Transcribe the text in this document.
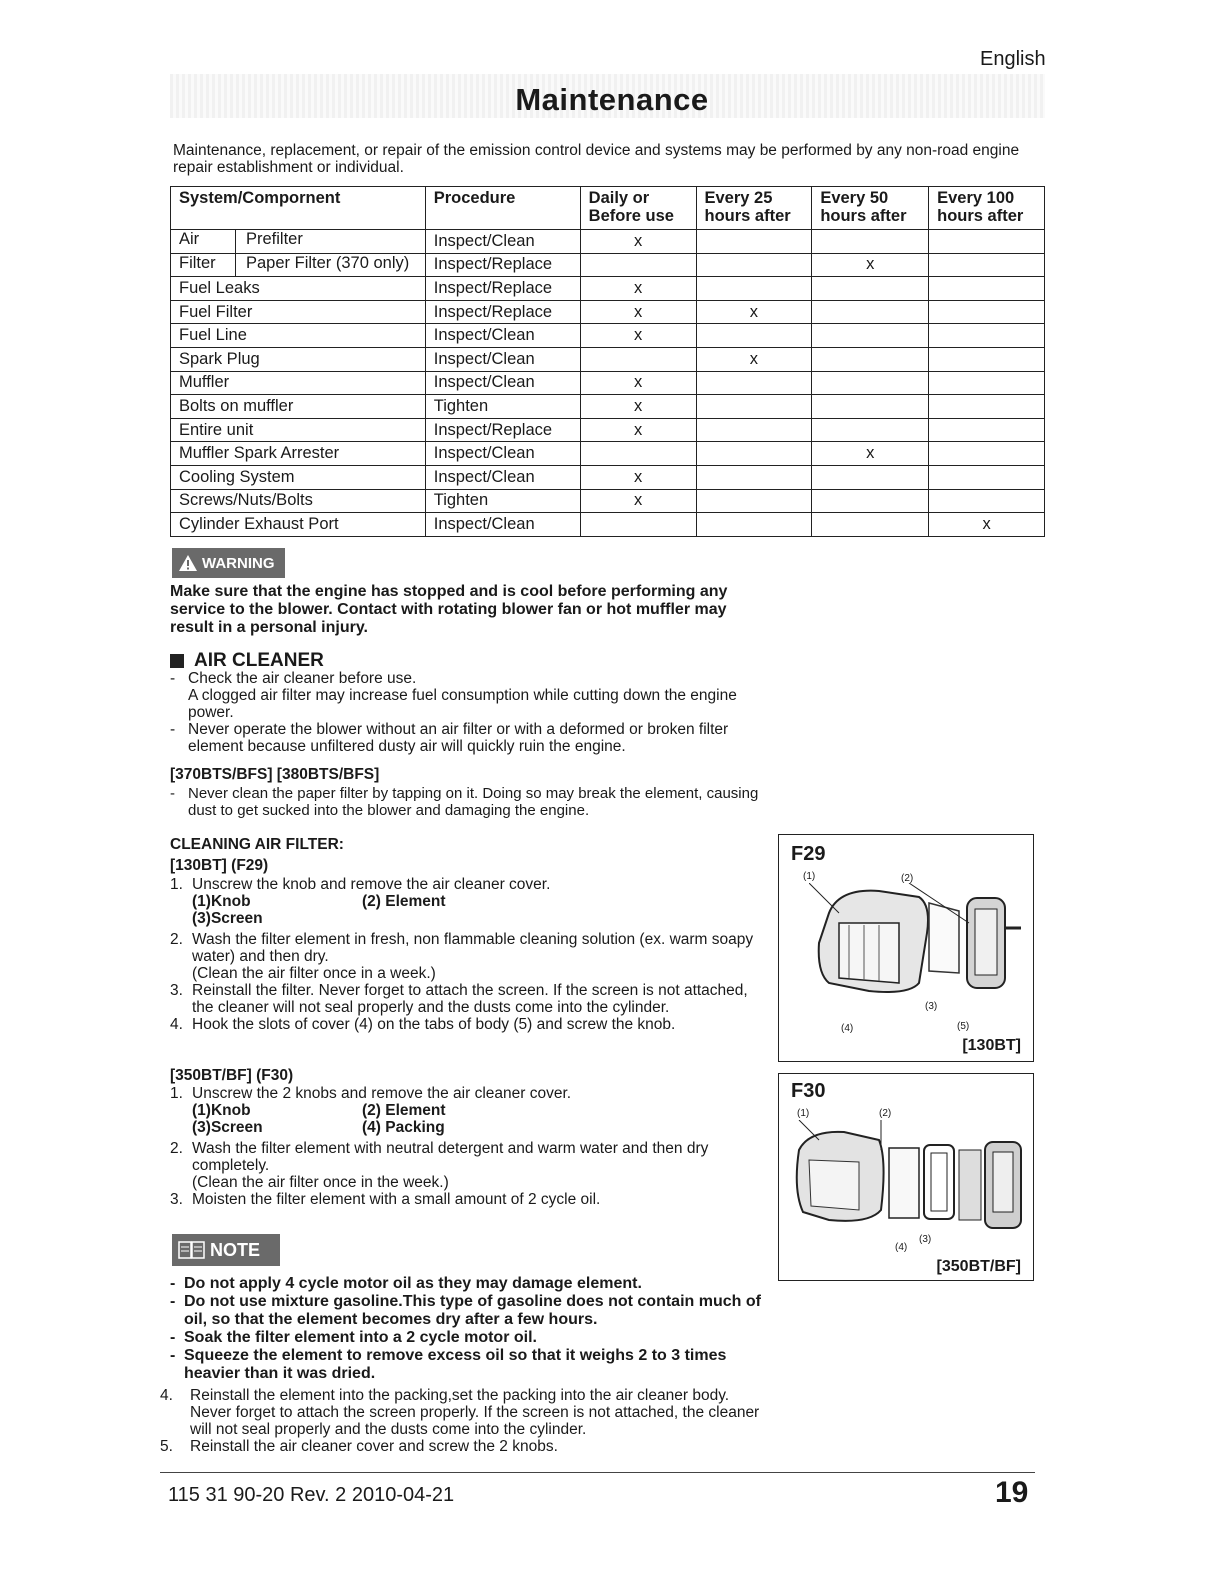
English
Maintenance
Maintenance, replacement, or repair of the emission control device and systems may be performed by any non-road engine repair establishment or individual.
System/Compornent	Procedure	Daily or Before use	Every 25 hours after	Every 50 hours after	Every 100 hours after

Air Prefilter	Inspect/Clean	x			

Filter Paper Filter (370 only)	Inspect/Replace			x	
Fuel Leaks	Inspect/Replace	x			
Fuel Filter	Inspect/Replace	x	x		
Fuel Line	Inspect/Clean	x			
Spark Plug	Inspect/Clean		x		
Muffler	Inspect/Clean	x			
Bolts on muffler	Tighten	x			
Entire unit	Inspect/Replace	x			
Muffler Spark Arrester	Inspect/Clean			x	
Cooling System	Inspect/Clean	x			
Screws/Nuts/Bolts	Tighten	x			
Cylinder Exhaust Port	Inspect/Clean				x
WARNING
Make sure that the engine has stopped and is cool before performing any service to the blower. Contact with rotating blower fan or hot muffler may result in a personal injury.
AIR CLEANER
- Check the air cleaner before use.
A clogged air filter may increase fuel consumption while cutting down the engine power.
- Never operate the blower without an air filter or with a deformed or broken filter element because unfiltered dusty air will quickly ruin the engine.
[370BTS/BFS] [380BTS/BFS]
- Never clean the paper filter by tapping on it. Doing so may break the element, causing dust to get sucked into the blower and damaging the engine.
CLEANING AIR FILTER:
[130BT] (F29)
1. Unscrew the knob and remove the air cleaner cover.
(1)Knob	(2) Element
(3)Screen
2. Wash the filter element in fresh, non flammable cleaning solution (ex. warm soapy water) and then dry.
(Clean the air filter once in a week.)
3. Reinstall the filter. Never forget to attach the screen. If the screen is not attached, the cleaner will not seal properly and the dusts come into the cylinder.
4. Hook the slots of cover (4) on the tabs of body (5) and screw the knob.
[350BT/BF] (F30)
1. Unscrew the 2 knobs and remove the air cleaner cover.
(1)Knob	(2) Element
(3)Screen	(4) Packing
2. Wash the filter element with neutral detergent and warm water and then dry completely.
(Clean the air filter once in the week.)
3. Moisten the filter element with a small amount of 2 cycle oil.
NOTE
- Do not apply 4 cycle motor oil as they may damage element.
- Do not use mixture gasoline.This type of gasoline does not contain much of oil, so that the element becomes dry after a few hours.
- Soak the filter element into a 2 cycle motor oil.
- Squeeze the element to remove excess oil so that it weighs 2 to 3 times heavier than it was dried.
4. Reinstall the element into the packing,set the packing into the air cleaner body. Never forget to attach the screen properly. If the screen is not attached, the cleaner will not seal properly and the dusts come into the cylinder.
5. Reinstall the air cleaner cover and screw the 2 knobs.
F29
(1)	(2)
(3)
(4)	(5)
[130BT]
F30
(1)	(2)
(3)
(4)
[350BT/BF]
115 31 90-20 Rev. 2 2010-04-21	19
